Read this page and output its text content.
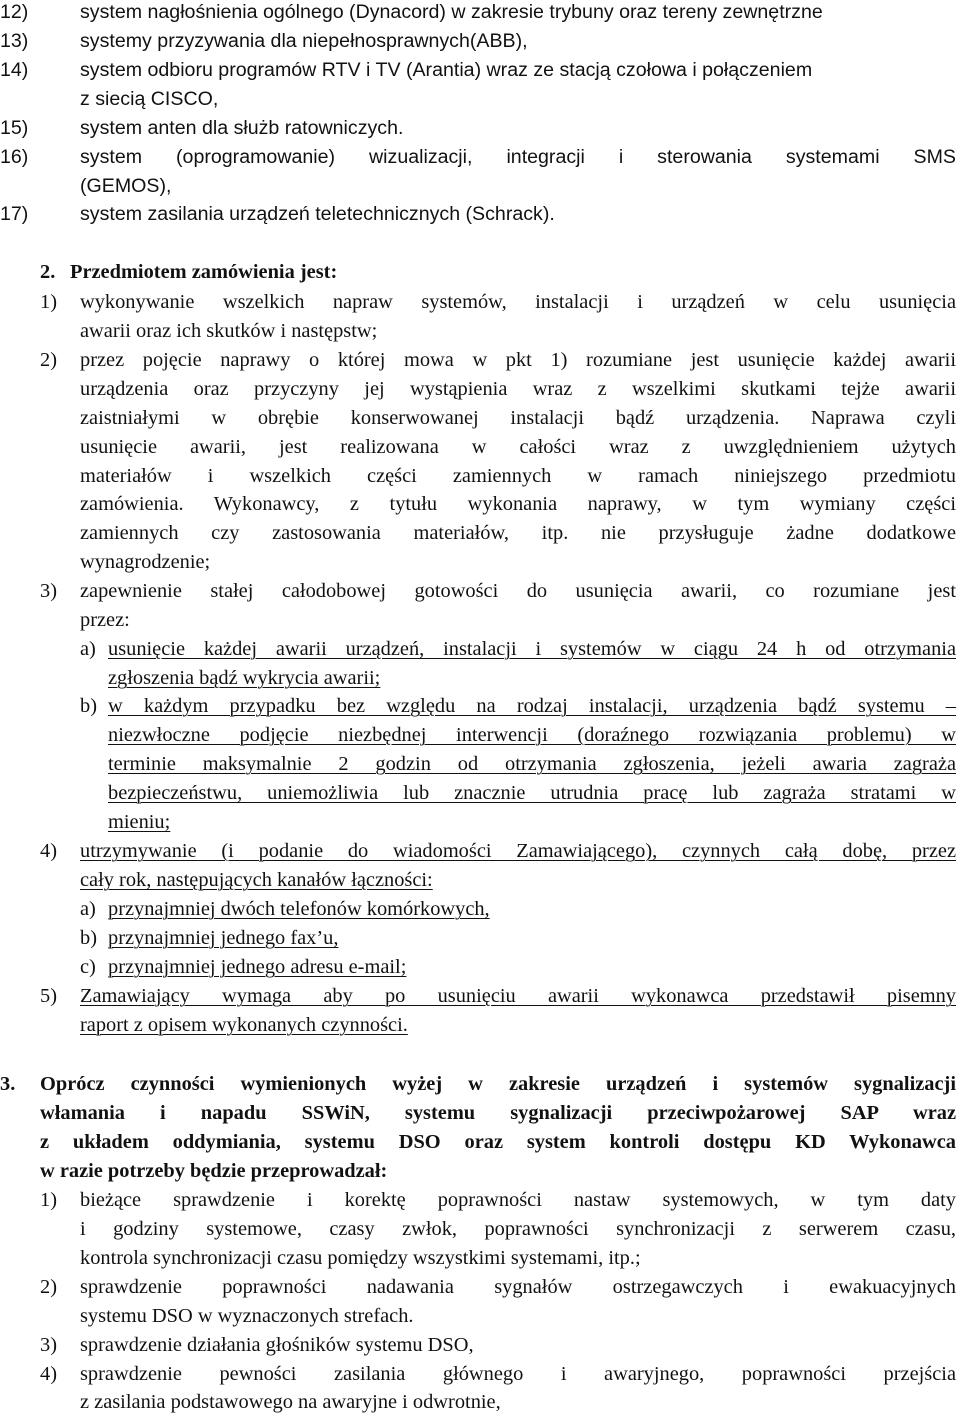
12)	system nagłośnienia ogólnego (Dynacord) w zakresie trybuny oraz tereny zewnętrzne
13)	systemy przyzywania dla niepełnosprawnych(ABB),
14)	system odbioru programów RTV i TV (Arantia) wraz ze stacją czołowa i połączeniem
z siecią CISCO,
15)	system anten dla służb ratowniczych.
16)	system (oprogramowanie) wizualizacji, integracji i sterowania systemami SMS
(GEMOS),
17)	system zasilania urządzeń teletechnicznych (Schrack).
2. Przedmiotem zamówienia jest:
1) wykonywanie wszelkich napraw systemów, instalacji i urządzeń w celu usunięcia
awarii oraz ich skutków i następstw;
2) przez pojęcie naprawy o której mowa w pkt 1) rozumiane jest usunięcie każdej awarii
urządzenia oraz przyczyny jej wystąpienia wraz z wszelkimi skutkami tejże awarii
zaistniałymi w obrębie konserwowanej instalacji bądź urządzenia. Naprawa czyli
usunięcie awarii, jest realizowana w całości wraz z uwzględnieniem użytych
materiałów i wszelkich części zamiennych w ramach niniejszego przedmiotu
zamówienia. Wykonawcy, z tytułu wykonania naprawy, w tym wymiany części
zamiennych czy zastosowania materiałów, itp. nie przysługuje żadne dodatkowe
wynagrodzenie;
3) zapewnienie stałej całodobowej gotowości do usunięcia awarii, co rozumiane jest
przez:
a) usunięcie każdej awarii urządzeń, instalacji i systemów w ciągu 24 h od otrzymania
zgłoszenia bądź wykrycia awarii;
b) w każdym przypadku bez względu na rodzaj instalacji, urządzenia bądź systemu –
niezwłoczne podjęcie niezbędnej interwencji (doraźnego rozwiązania problemu) w
terminie maksymalnie 2 godzin od otrzymania zgłoszenia, jeżeli awaria zagraża
bezpieczeństwu, uniemożliwia lub znacznie utrudnia pracę lub zagraża stratami w
mieniu;
4) utrzymywanie (i podanie do wiadomości Zamawiającego), czynnych całą dobę, przez
cały rok, następujących kanałów łączności:
a) przynajmniej dwóch telefonów komórkowych,
b) przynajmniej jednego fax’u,
c) przynajmniej jednego adresu e-mail;
5) Zamawiający wymaga aby po usunięciu awarii wykonawca przedstawił pisemny
raport z opisem wykonanych czynności.
3. Oprócz czynności wymienionych wyżej w zakresie urządzeń i systemów sygnalizacji
włamania i napadu SSWiN, systemu sygnalizacji przeciwpożarowej SAP wraz
z układem oddymiania, systemu DSO oraz system kontroli dostępu KD Wykonawca
w razie potrzeby będzie przeprowadzał:
1) bieżące sprawdzenie i korektę poprawności nastaw systemowych, w tym daty
i godziny systemowe, czasy zwłok, poprawności synchronizacji z serwerem czasu,
kontrola synchronizacji czasu pomiędzy wszystkimi systemami, itp.;
2) sprawdzenie poprawności nadawania sygnałów ostrzegawczych i ewakuacyjnych
systemu DSO w wyznaczonych strefach.
3) sprawdzenie działania głośników systemu DSO,
4) sprawdzenie pewności zasilania głównego i awaryjnego, poprawności przejścia
z zasilania podstawowego na awaryjne i odwrotnie,
